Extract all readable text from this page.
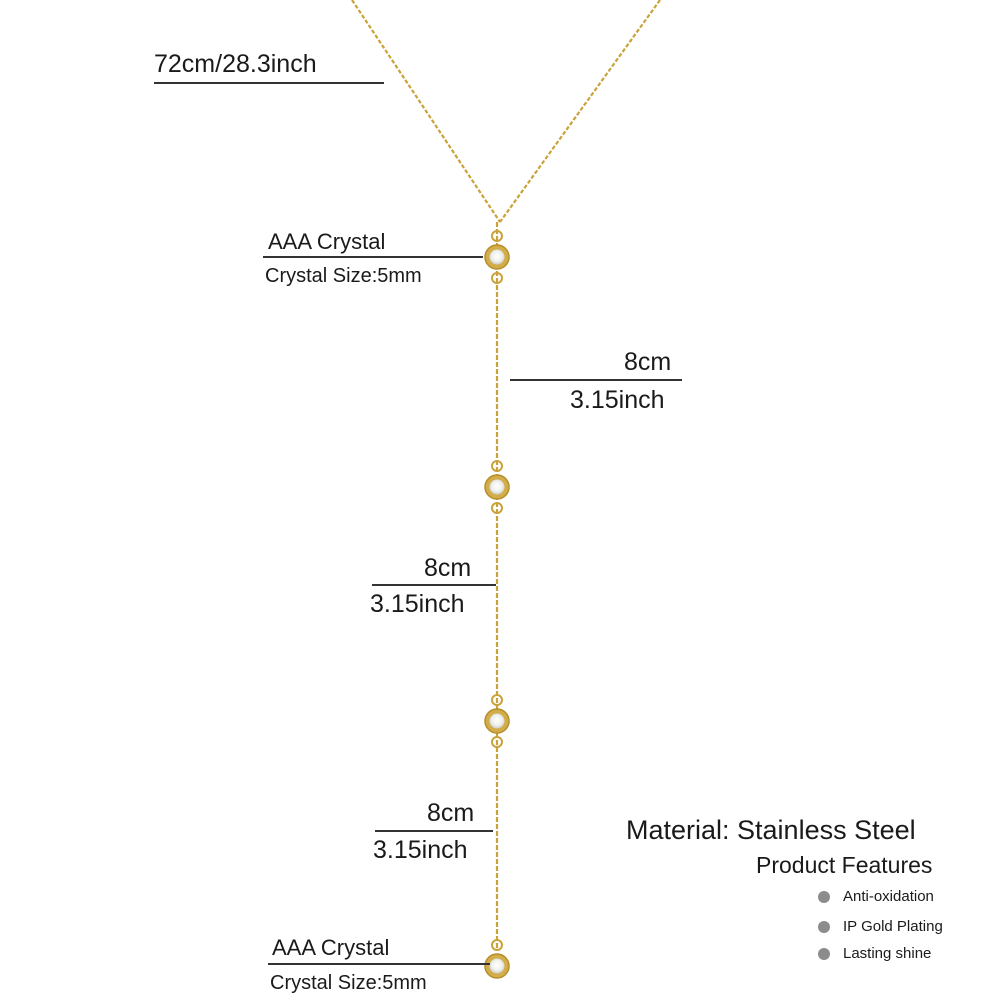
72cm/28.3inch
AAA Crystal
Crystal Size:5mm
8cm
3.15inch
8cm
3.15inch
8cm
3.15inch
AAA Crystal
Crystal Size:5mm
Material: Stainless Steel
Product Features
Anti-oxidation
IP Gold Plating
Lasting shine
